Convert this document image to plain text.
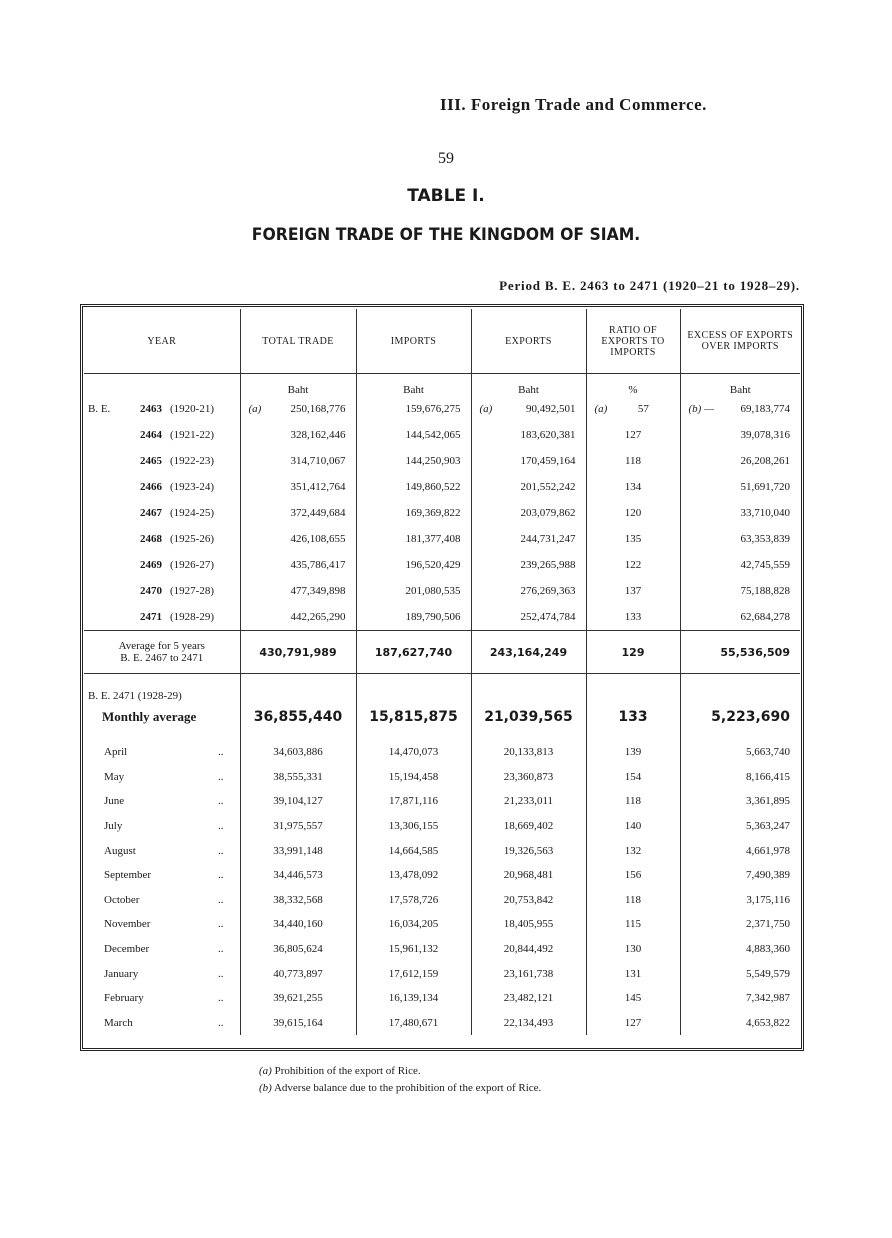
III. Foreign Trade and Commerce.
59
TABLE I.
FOREIGN TRADE OF THE KINGDOM OF SIAM.
Period B. E. 2463 to 2471 (1920–21 to 1928–29).
YEAR	TOTAL TRADE	IMPORTS	EXPORTS	RATIO OF EXPORTS TO IMPORTS	EXCESS OF EXPORTS OVER IMPORTS
	Baht	Baht	Baht	%	Baht
B. E. 2463 (1920-21)	(a) 250,168,776	159,676,275	(a) 90,492,501	(a) 57	(b) — 69,183,774
2464 (1921-22)	328,162,446	144,542,065	183,620,381	127	39,078,316
2465 (1922-23)	314,710,067	144,250,903	170,459,164	118	26,208,261
2466 (1923-24)	351,412,764	149,860,522	201,552,242	134	51,691,720
2467 (1924-25)	372,449,684	169,369,822	203,079,862	120	33,710,040
2468 (1925-26)	426,108,655	181,377,408	244,731,247	135	63,353,839
2469 (1926-27)	435,786,417	196,520,429	239,265,988	122	42,745,559
2470 (1927-28)	477,349,898	201,080,535	276,269,363	137	75,188,828
2471 (1928-29)	442,265,290	189,790,506	252,474,784	133	62,684,278
Average for 5 years
B. E. 2467 to 2471	430,791,989	187,627,740	243,164,249	129	55,536,509
B. E. 2471 (1928-29)					
Monthly average	36,855,440	15,815,875	21,039,565	133	5,223,690

April ..	34,603,886	14,470,073	20,133,813	139	5,663,740
May ..	38,555,331	15,194,458	23,360,873	154	8,166,415
June ..	39,104,127	17,871,116	21,233,011	118	3,361,895
July ..	31,975,557	13,306,155	18,669,402	140	5,363,247
August ..	33,991,148	14,664,585	19,326,563	132	4,661,978
September ..	34,446,573	13,478,092	20,968,481	156	7,490,389
October ..	38,332,568	17,578,726	20,753,842	118	3,175,116
November ..	34,440,160	16,034,205	18,405,955	115	2,371,750
December ..	36,805,624	15,961,132	20,844,492	130	4,883,360
January ..	40,773,897	17,612,159	23,161,738	131	5,549,579
February ..	39,621,255	16,139,134	23,482,121	145	7,342,987
March ..	39,615,164	17,480,671	22,134,493	127	4,653,822
(a) Prohibition of the export of Rice.
(b) Adverse balance due to the prohibition of the export of Rice.
